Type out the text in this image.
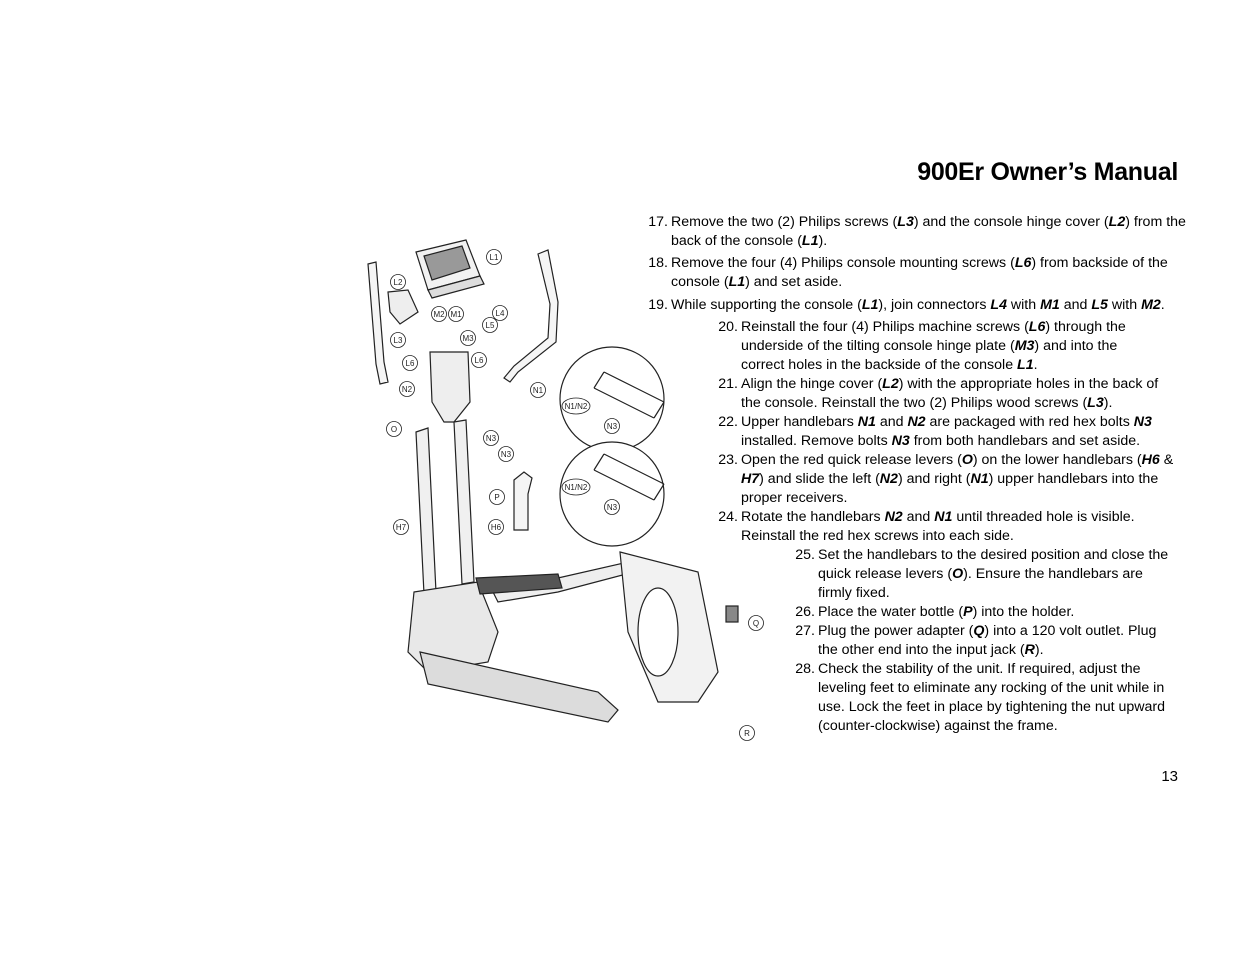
900Er Owner’s Manual
17. Remove the two (2) Philips screws (L3) and the console hinge cover (L2) from the back of the console (L1).
18. Remove the four (4) Philips console mounting screws (L6) from backside of the console (L1) and set aside.
19. While supporting the console (L1), join connectors L4 with M1 and L5 with M2.
20. Reinstall the four (4) Philips machine screws (L6) through the underside of the tilting console hinge plate (M3) and into the correct holes in the backside of the console L1.
21. Align the hinge cover (L2) with the appropriate holes in the back of the console. Reinstall the two (2) Philips wood screws (L3).
22. Upper handlebars N1 and N2 are packaged with red hex bolts N3 installed. Remove bolts N3 from both handlebars and set aside.
23. Open the red quick release levers (O) on the lower handlebars (H6 & H7) and slide the left (N2) and right (N1) upper handlebars into the proper receivers.
24. Rotate the handlebars N2 and N1 until threaded hole is visible. Reinstall the red hex screws into each side.
25. Set the handlebars to the desired position and close the quick release levers (O). Ensure the handlebars are firmly fixed.
26. Place the water bottle (P) into the holder.
27. Plug the power adapter (Q) into a 120 volt outlet. Plug the other end into the input jack (R).
28. Check the stability of the unit. If required, adjust the leveling feet to eliminate any rocking of the unit while in use. Lock the feet in place by tightening the nut upward (counter-clockwise) against the frame.
L1
L2
L3
L4
L5
L6	L6
M1
M2
M3
N1
N2
N3
N3
O
P
H6
H7
Q
R
N1/N2
N3
N1/N2
N3
13
